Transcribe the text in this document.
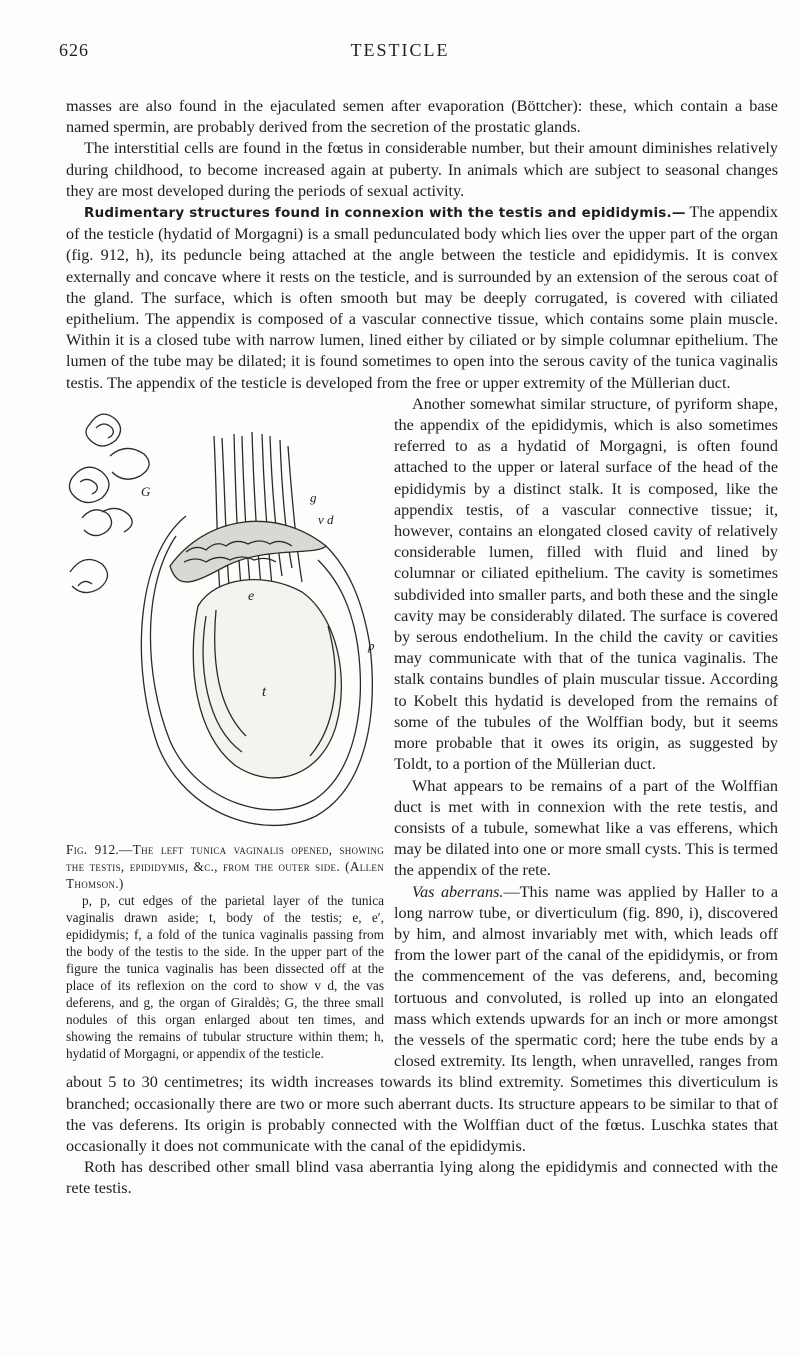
626	TESTICLE

masses are also found in the ejaculated semen after evaporation (Böttcher): these, which contain a base named spermin, are probably derived from the secretion of the prostatic glands.

The interstitial cells are found in the fœtus in considerable number, but their amount diminishes relatively during childhood, to become increased again at puberty. In animals which are subject to seasonal changes they are most developed during the periods of sexual activity.

Rudimentary structures found in connexion with the testis and epididymis.— The appendix of the testicle (hydatid of Morgagni) is a small pedunculated body which lies over the upper part of the organ (fig. 912, h), its peduncle being attached at the angle between the testicle and epididymis. It is convex externally and concave where it rests on the testicle, and is surrounded by an extension of the serous coat of the gland. The surface, which is often smooth but may be deeply corrugated, is covered with ciliated epithelium. The appendix is composed of a vascular connective tissue, which contains some plain muscle. Within it is a closed tube with narrow lumen, lined either by ciliated or by simple columnar epithelium. The lumen of the tube may be dilated; it is found sometimes to open into the serous cavity of the tunica vaginalis testis. The appendix of the testicle is developed from the free or upper extremity of the Müllerian duct.

G
t
e
g
v d
p

Fig. 912.—The left tunica vaginalis opened, showing the testis, epididymis, &c., from the outer side. (Allen Thomson.)

p, p, cut edges of the parietal layer of the tunica vaginalis drawn aside; t, body of the testis; e, e′, epididymis; f, a fold of the tunica vaginalis passing from the body of the testis to the side. In the upper part of the figure the tunica vaginalis has been dissected off at the place of its reflexion on the cord to show v d, the vas deferens, and g, the organ of Giraldès; G, the three small nodules of this organ enlarged about ten times, and showing the remains of tubular structure within them; h, hydatid of Morgagni, or appendix of the testicle.

Another somewhat similar structure, of pyriform shape, the appendix of the epididymis, which is also sometimes referred to as a hydatid of Morgagni, is often found attached to the upper or lateral surface of the head of the epididymis by a distinct stalk. It is composed, like the appendix testis, of a vascular connective tissue; it, however, contains an elongated closed cavity of relatively considerable lumen, filled with fluid and lined by columnar or ciliated epithelium. The cavity is sometimes subdivided into smaller parts, and both these and the single cavity may be considerably dilated. The surface is covered by serous endothelium. In the child the cavity or cavities may communicate with that of the tunica vaginalis. The stalk contains bundles of plain muscular tissue. According to Kobelt this hydatid is developed from the remains of some of the tubules of the Wolffian body, but it seems more probable that it owes its origin, as suggested by Toldt, to a portion of the Müllerian duct.

What appears to be remains of a part of the Wolffian duct is met with in connexion with the rete testis, and consists of a tubule, somewhat like a vas efferens, which may be dilated into one or more small cysts. This is termed the appendix of the rete.

Vas aberrans.—This name was applied by Haller to a long narrow tube, or diverticulum (fig. 890, i), discovered by him, and almost invariably met with, which leads off from the lower part of the canal of the epididymis, or from the commencement of the vas deferens, and, becoming tortuous and convoluted, is rolled up into an elongated mass which extends upwards for an inch or more amongst the vessels of the spermatic cord; here the tube ends by a closed extremity. Its length, when unravelled, ranges from about 5 to 30 centimetres; its width increases towards its blind extremity. Sometimes this diverticulum is branched; occasionally there are two or more such aberrant ducts. Its structure appears to be similar to that of the vas deferens. Its origin is probably connected with the Wolffian duct of the fœtus. Luschka states that occasionally it does not communicate with the canal of the epididymis.

Roth has described other small blind vasa aberrantia lying along the epididymis and connected with the rete testis.
